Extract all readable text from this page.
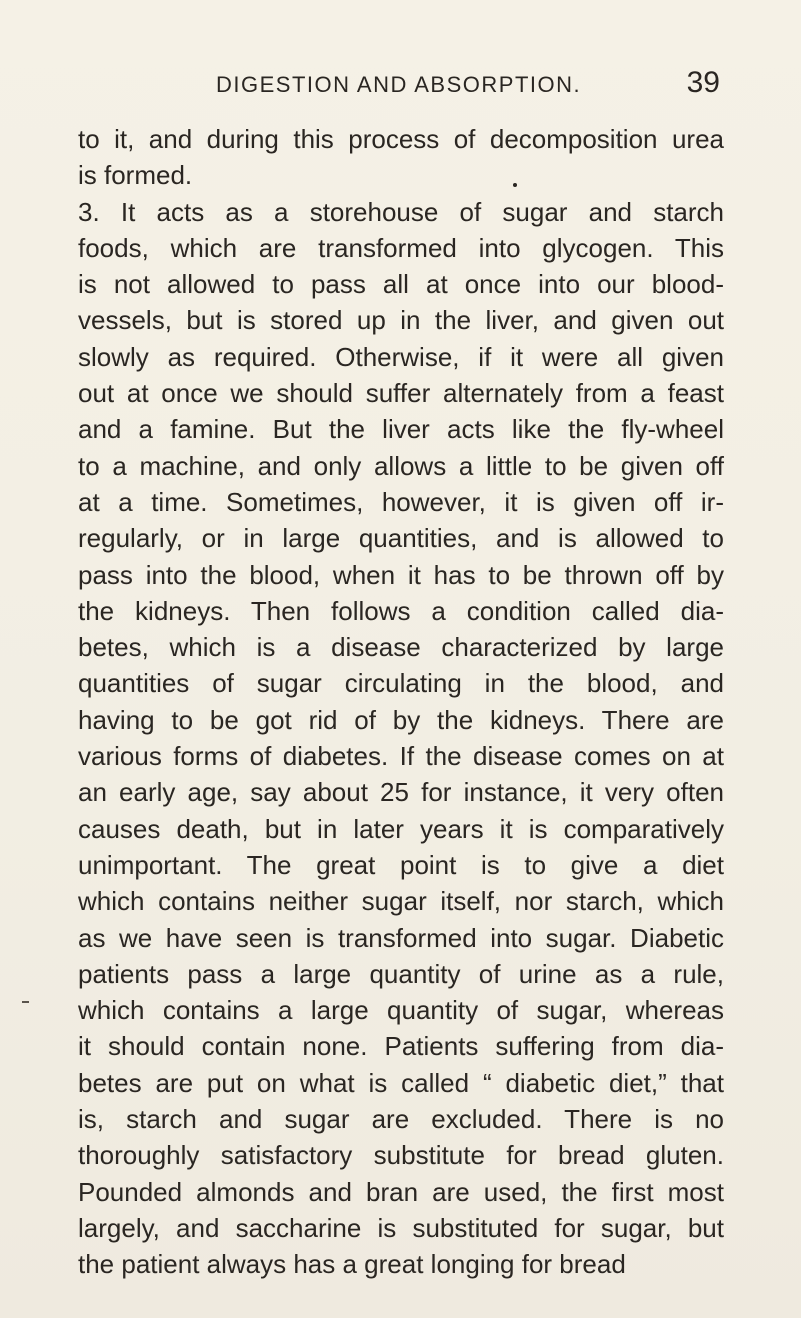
DIGESTION AND ABSORPTION.	39
to it, and during this process of decomposition urea
is formed.
3. It acts as a storehouse of sugar and starch
foods, which are transformed into glycogen. This
is not allowed to pass all at once into our blood-
vessels, but is stored up in the liver, and given out
slowly as required. Otherwise, if it were all given
out at once we should suffer alternately from a feast
and a famine. But the liver acts like the fly-wheel
to a machine, and only allows a little to be given off
at a time. Sometimes, however, it is given off ir-
regularly, or in large quantities, and is allowed to
pass into the blood, when it has to be thrown off by
the kidneys. Then follows a condition called dia-
betes, which is a disease characterized by large
quantities of sugar circulating in the blood, and
having to be got rid of by the kidneys. There are
various forms of diabetes. If the disease comes on at
an early age, say about 25 for instance, it very often
causes death, but in later years it is comparatively
unimportant. The great point is to give a diet
which contains neither sugar itself, nor starch, which
as we have seen is transformed into sugar. Diabetic
patients pass a large quantity of urine as a rule,
which contains a large quantity of sugar, whereas
it should contain none. Patients suffering from dia-
betes are put on what is called “ diabetic diet,” that
is, starch and sugar are excluded. There is no
thoroughly satisfactory substitute for bread gluten.
Pounded almonds and bran are used, the first most
largely, and saccharine is substituted for sugar, but
the patient always has a great longing for bread
